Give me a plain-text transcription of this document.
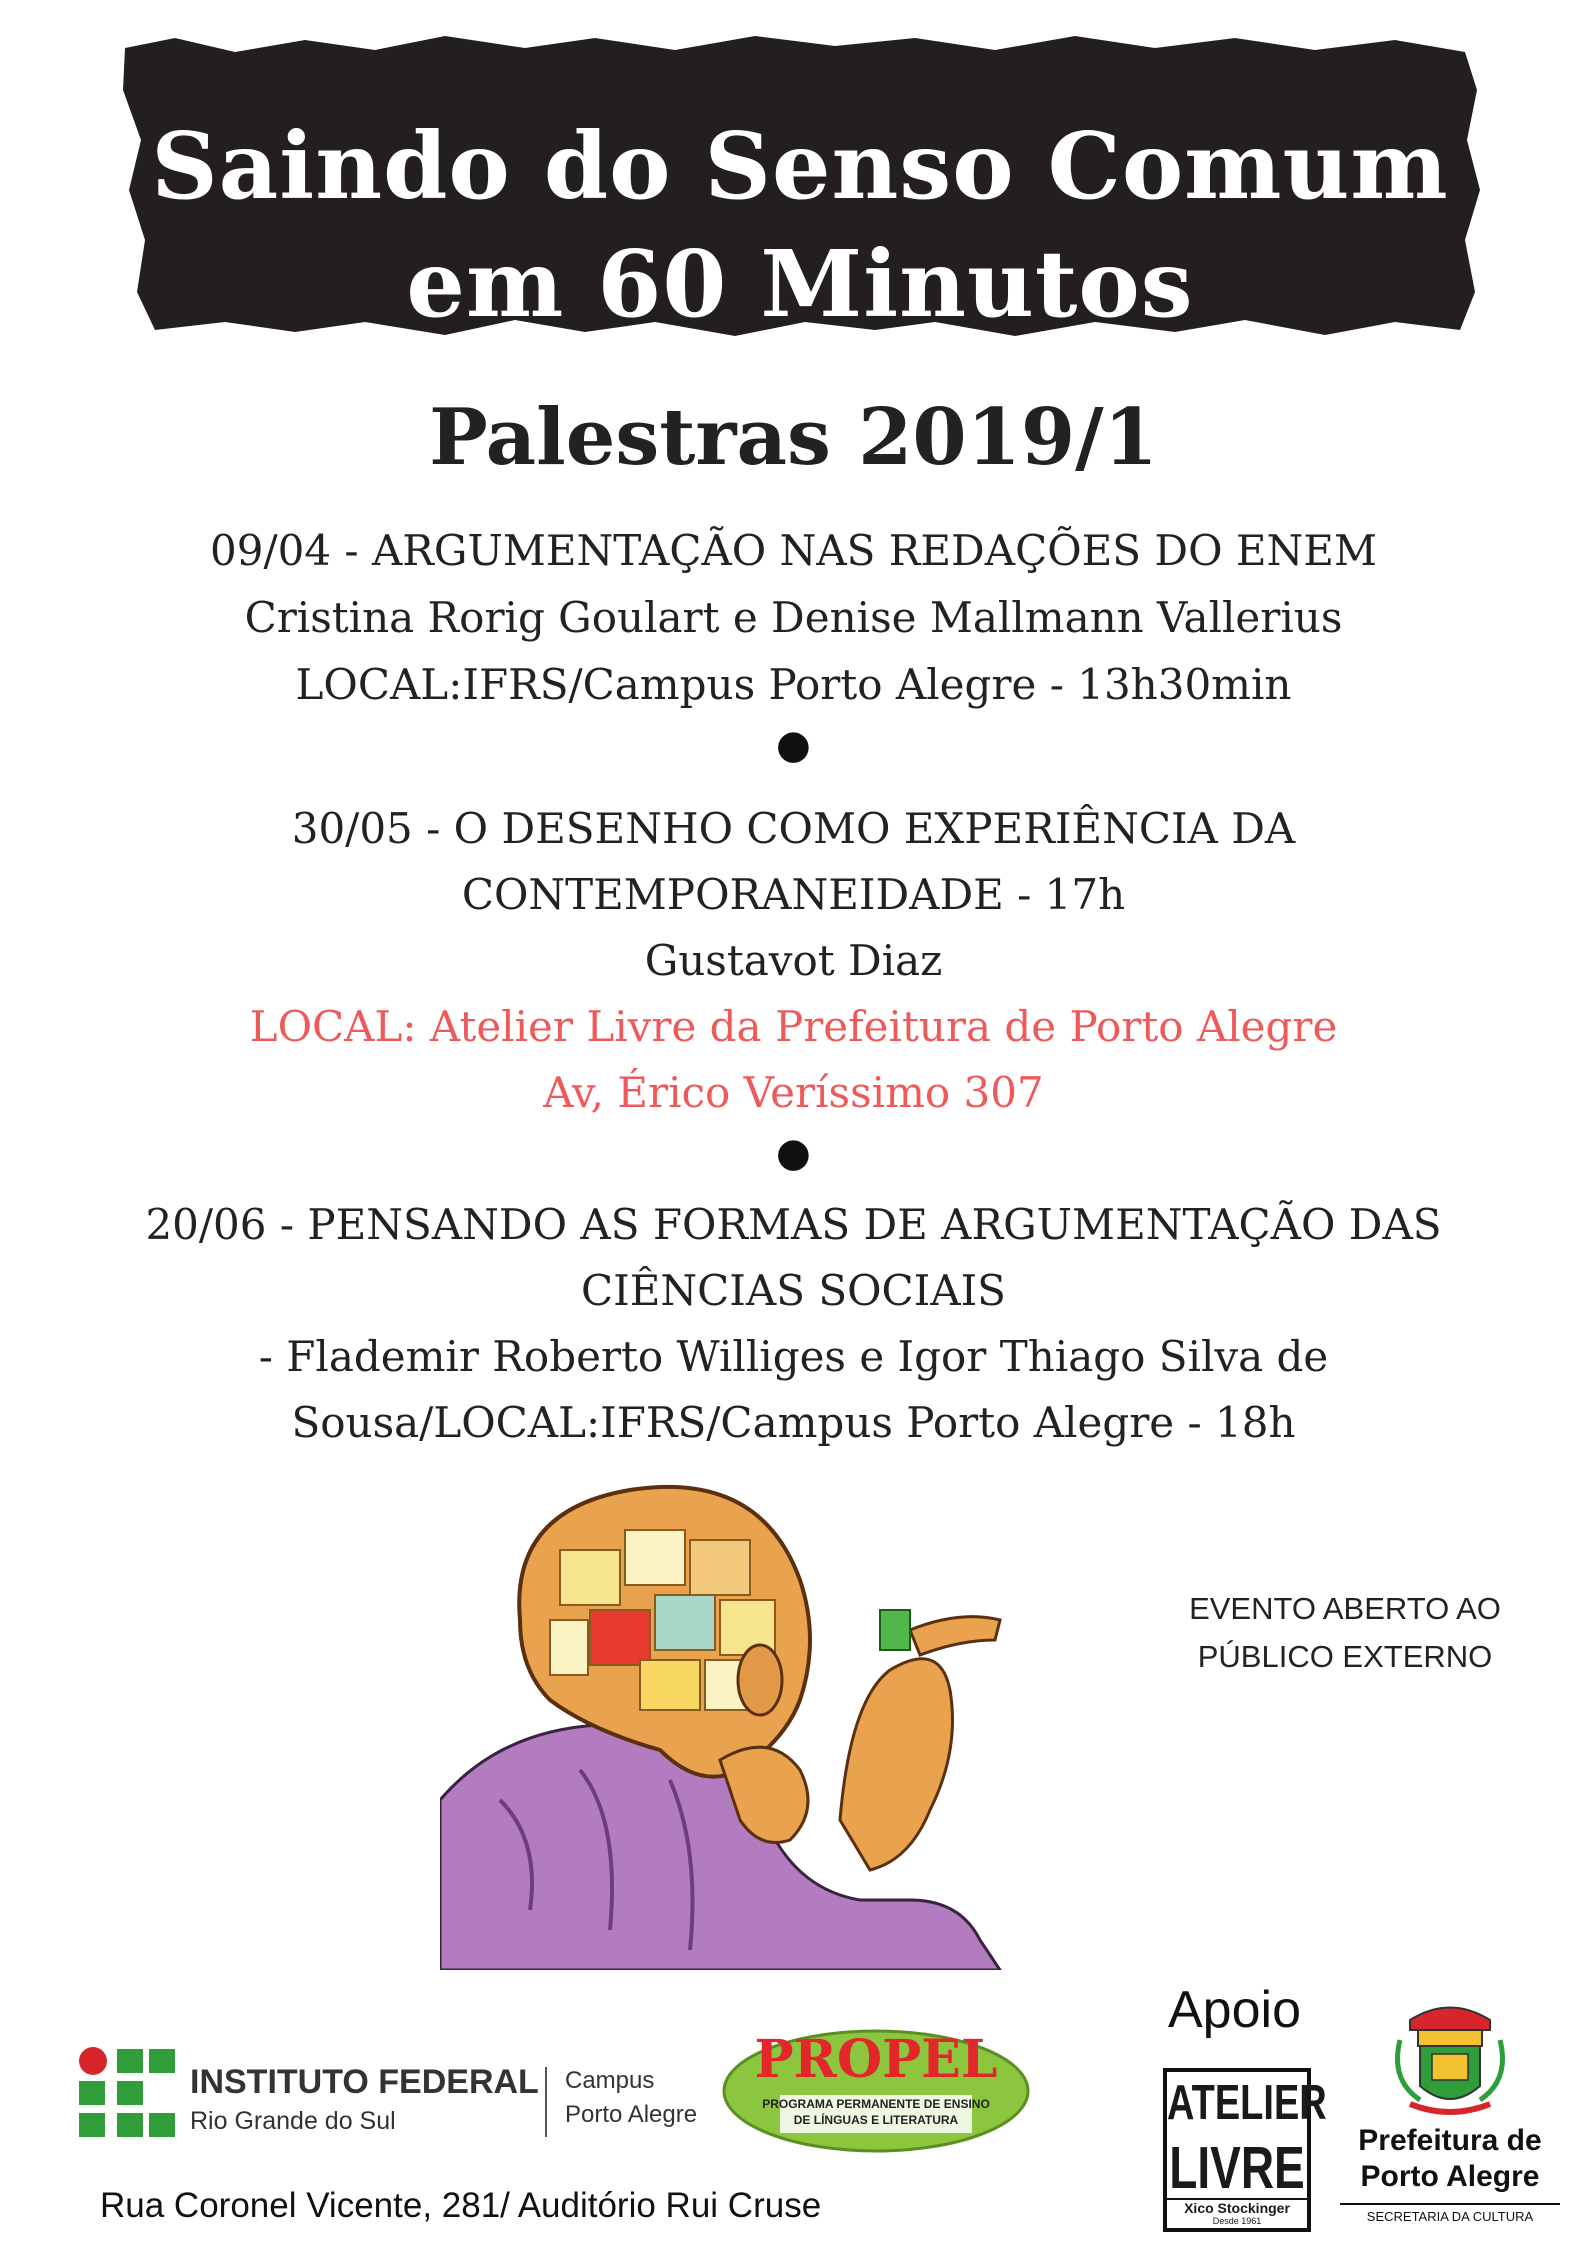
Saindo do Senso Comum
em 60 Minutos
Palestras 2019/1
09/04 - ARGUMENTAÇÃO NAS REDAÇÕES DO ENEM
Cristina Rorig Goulart e Denise Mallmann Vallerius
LOCAL:IFRS/Campus Porto Alegre - 13h30min
●
30/05 - O DESENHO COMO EXPERIÊNCIA DA
CONTEMPORANEIDADE - 17h
Gustavot Diaz
LOCAL: Atelier Livre da Prefeitura de Porto Alegre
Av, Érico Veríssimo 307
●
20/06 - PENSANDO AS FORMAS DE ARGUMENTAÇÃO DAS
CIÊNCIAS SOCIAIS
- Flademir Roberto Williges e Igor Thiago Silva de
Sousa/LOCAL:IFRS/Campus Porto Alegre - 18h
EVENTO ABERTO AO
PÚBLICO EXTERNO
Apoio
INSTITUTO FEDERAL
Rio Grande do Sul
Campus
Porto Alegre
PROPEL
PROGRAMA PERMANENTE DE ENSINO
DE LÍNGUAS E LITERATURA	ATELIER
LIVRE
Xico Stockinger
Desde 1961
Prefeitura de
Porto Alegre
SECRETARIA DA CULTURA
Rua Coronel Vicente, 281/ Auditório Rui Cruse
